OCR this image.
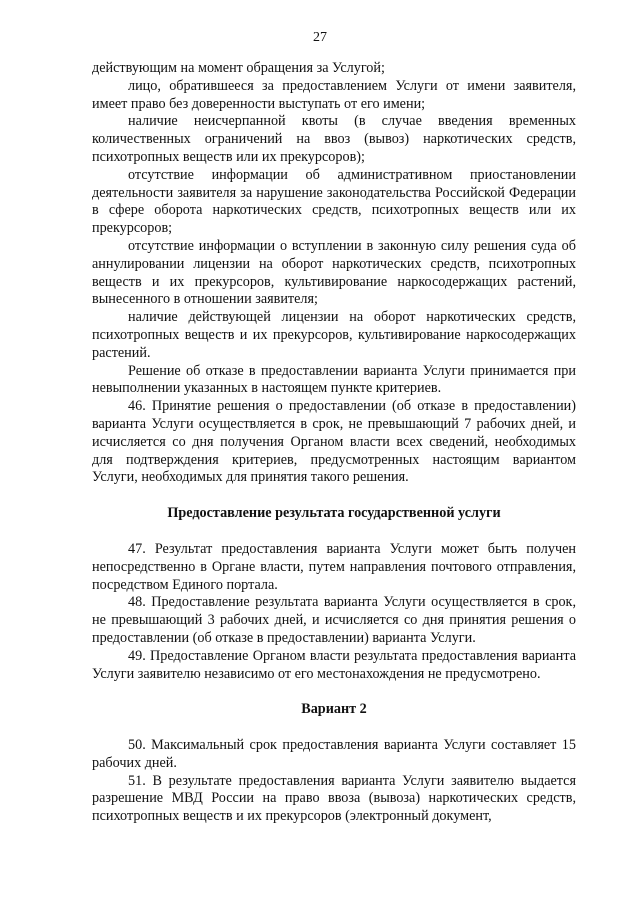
27

действующим на момент обращения за Услугой;

лицо, обратившееся за предоставлением Услуги от имени заявителя, имеет право без доверенности выступать от его имени;

наличие неисчерпанной квоты (в случае введения временных количественных ограничений на ввоз (вывоз) наркотических средств, психотропных веществ или их прекурсоров);

отсутствие информации об административном приостановлении деятельности заявителя за нарушение законодательства Российской Федерации в сфере оборота наркотических средств, психотропных веществ или их прекурсоров;

отсутствие информации о вступлении в законную силу решения суда об аннулировании лицензии на оборот наркотических средств, психотропных веществ и их прекурсоров, культивирование наркосодержащих растений, вынесенного в отношении заявителя;

наличие действующей лицензии на оборот наркотических средств, психотропных веществ и их прекурсоров, культивирование наркосодержащих растений.

Решение об отказе в предоставлении варианта Услуги принимается при невыполнении указанных в настоящем пункте критериев.

46. Принятие решения о предоставлении (об отказе в предоставлении) варианта Услуги осуществляется в срок, не превышающий 7 рабочих дней, и исчисляется со дня получения Органом власти всех сведений, необходимых для подтверждения критериев, предусмотренных настоящим вариантом Услуги, необходимых для принятия такого решения.

Предоставление результата государственной услуги

47. Результат предоставления варианта Услуги может быть получен непосредственно в Органе власти, путем направления почтового отправления, посредством Единого портала.

48. Предоставление результата варианта Услуги осуществляется в срок, не превышающий 3 рабочих дней, и исчисляется со дня принятия решения о предоставлении (об отказе в предоставлении) варианта Услуги.

49. Предоставление Органом власти результата предоставления варианта Услуги заявителю независимо от его местонахождения не предусмотрено.

Вариант 2

50. Максимальный срок предоставления варианта Услуги составляет 15 рабочих дней.

51. В результате предоставления варианта Услуги заявителю выдается разрешение МВД России на право ввоза (вывоза) наркотических средств, психотропных веществ и их прекурсоров (электронный документ,
